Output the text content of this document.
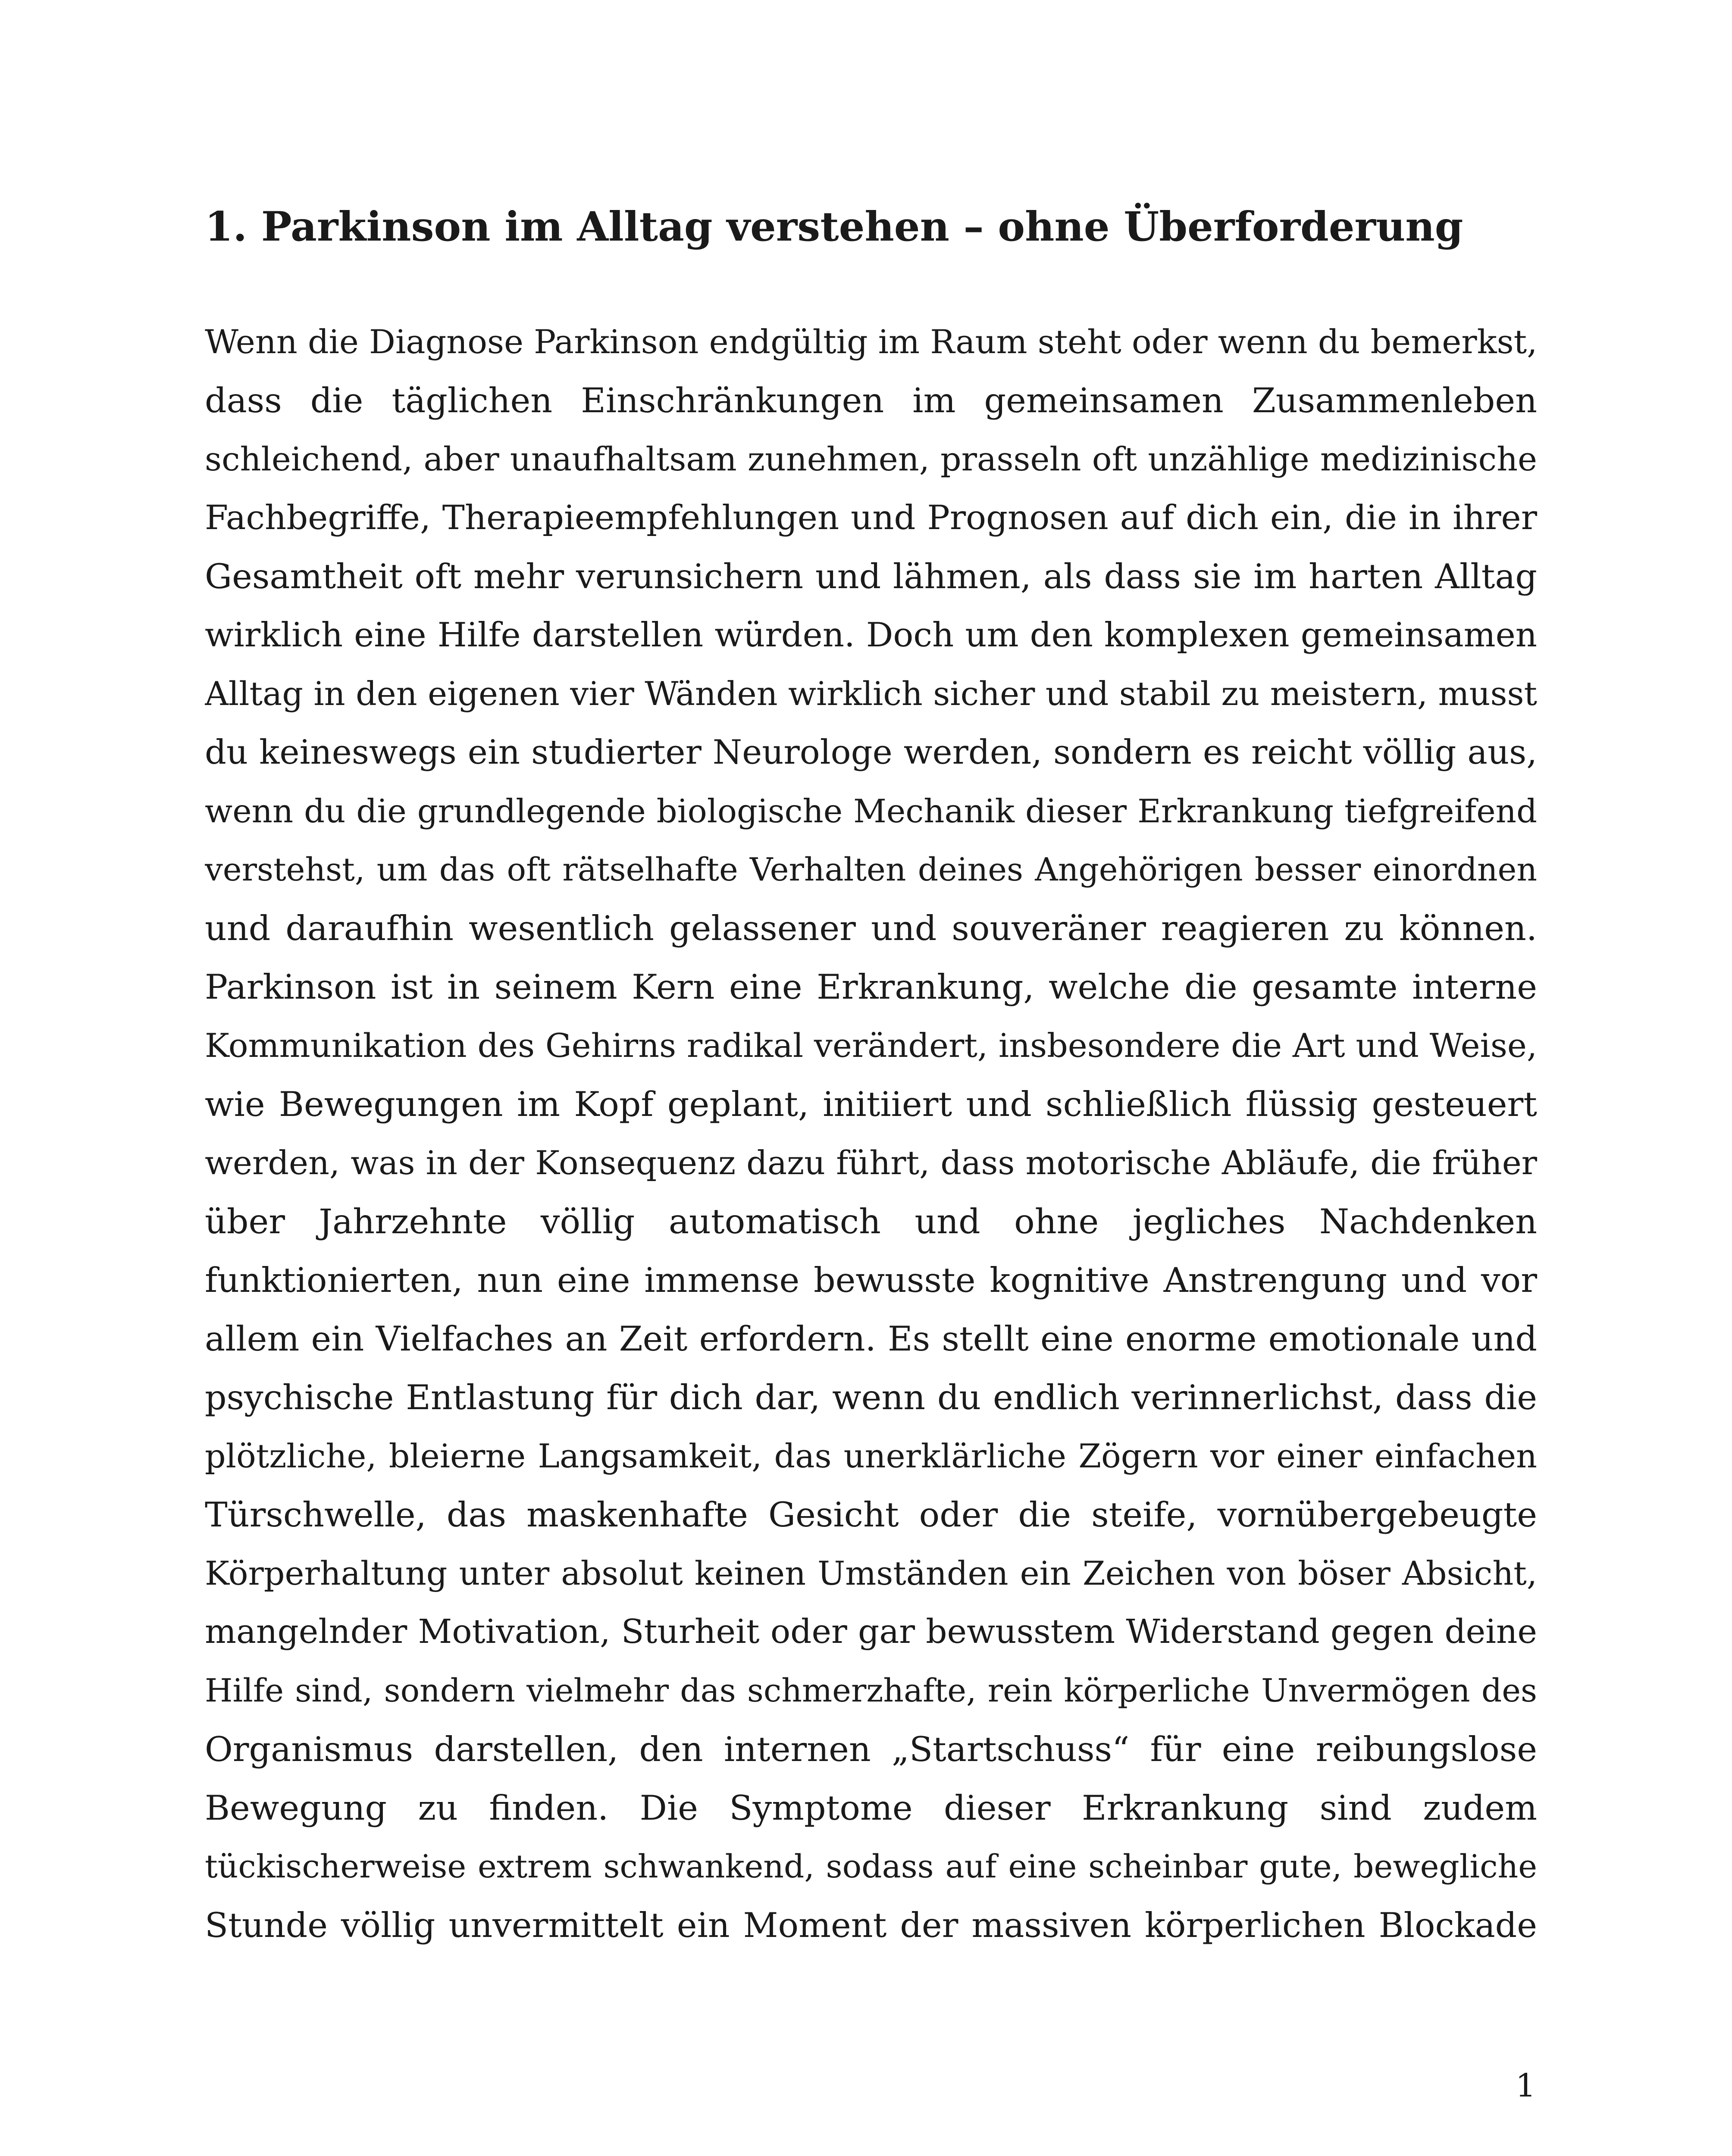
1. Parkinson im Alltag verstehen – ohne Überforderung
Wenn die Diagnose Parkinson endgültig im Raum steht oder wenn du bemerkst,
dass die täglichen Einschränkungen im gemeinsamen Zusammenleben
schleichend, aber unaufhaltsam zunehmen, prasseln oft unzählige medizinische
Fachbegriffe, Therapieempfehlungen und Prognosen auf dich ein, die in ihrer
Gesamtheit oft mehr verunsichern und lähmen, als dass sie im harten Alltag
wirklich eine Hilfe darstellen würden. Doch um den komplexen gemeinsamen
Alltag in den eigenen vier Wänden wirklich sicher und stabil zu meistern, musst
du keineswegs ein studierter Neurologe werden, sondern es reicht völlig aus,
wenn du die grundlegende biologische Mechanik dieser Erkrankung tiefgreifend
verstehst, um das oft rätselhafte Verhalten deines Angehörigen besser einordnen
und daraufhin wesentlich gelassener und souveräner reagieren zu können.
Parkinson ist in seinem Kern eine Erkrankung, welche die gesamte interne
Kommunikation des Gehirns radikal verändert, insbesondere die Art und Weise,
wie Bewegungen im Kopf geplant, initiiert und schließlich flüssig gesteuert
werden, was in der Konsequenz dazu führt, dass motorische Abläufe, die früher
über Jahrzehnte völlig automatisch und ohne jegliches Nachdenken
funktionierten, nun eine immense bewusste kognitive Anstrengung und vor
allem ein Vielfaches an Zeit erfordern. Es stellt eine enorme emotionale und
psychische Entlastung für dich dar, wenn du endlich verinnerlichst, dass die
plötzliche, bleierne Langsamkeit, das unerklärliche Zögern vor einer einfachen
Türschwelle, das maskenhafte Gesicht oder die steife, vornübergebeugte
Körperhaltung unter absolut keinen Umständen ein Zeichen von böser Absicht,
mangelnder Motivation, Sturheit oder gar bewusstem Widerstand gegen deine
Hilfe sind, sondern vielmehr das schmerzhafte, rein körperliche Unvermögen des
Organismus darstellen, den internen „Startschuss“ für eine reibungslose
Bewegung zu finden. Die Symptome dieser Erkrankung sind zudem
tückischerweise extrem schwankend, sodass auf eine scheinbar gute, bewegliche
Stunde völlig unvermittelt ein Moment der massiven körperlichen Blockade
1
